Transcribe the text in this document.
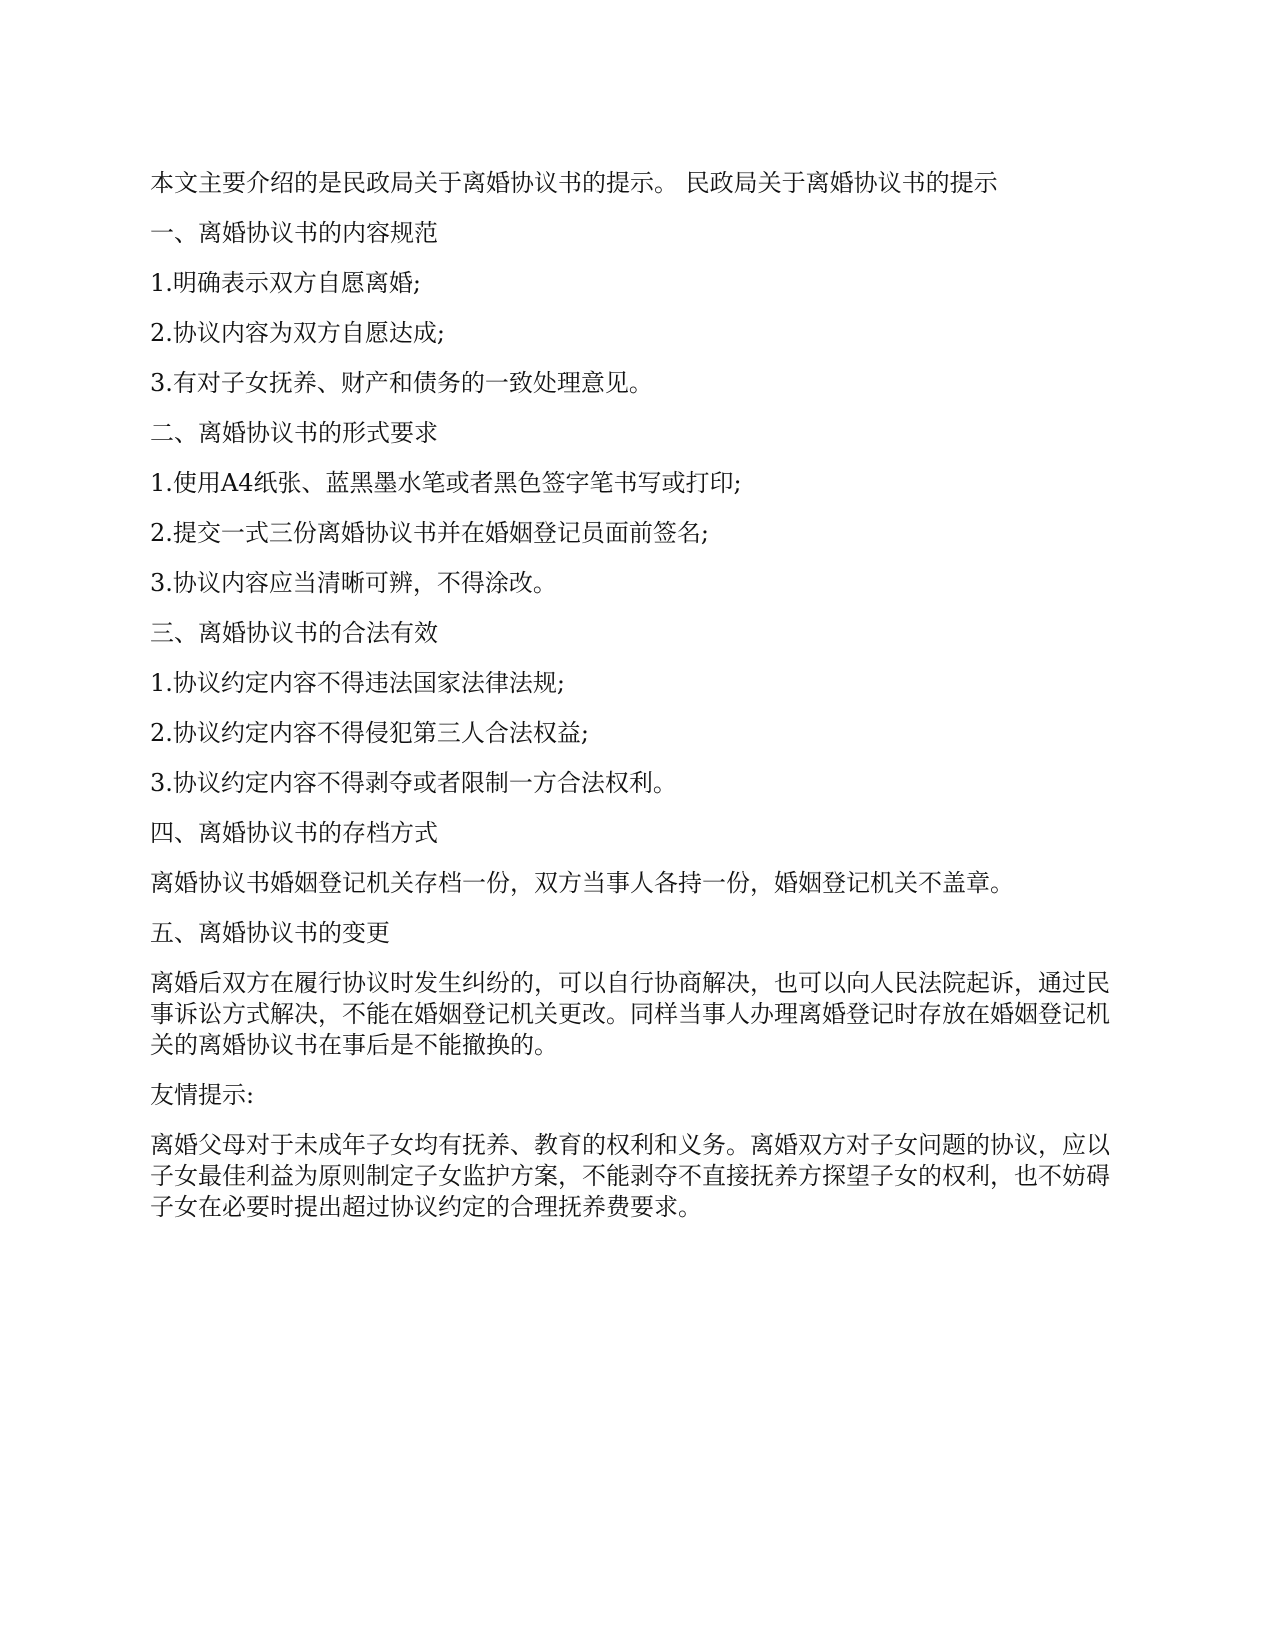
本文主要介绍的是民政局关于离婚协议书的提示。 民政局关于离婚协议书的提示

一、离婚协议书的内容规范

1.明确表示双方自愿离婚;

2.协议内容为双方自愿达成;

3.有对子女抚养、财产和债务的一致处理意见。

二、离婚协议书的形式要求

1.使用A4纸张、蓝黑墨水笔或者黑色签字笔书写或打印;

2.提交一式三份离婚协议书并在婚姻登记员面前签名;

3.协议内容应当清晰可辨，不得涂改。

三、离婚协议书的合法有效

1.协议约定内容不得违法国家法律法规;

2.协议约定内容不得侵犯第三人合法权益;

3.协议约定内容不得剥夺或者限制一方合法权利。

四、离婚协议书的存档方式

离婚协议书婚姻登记机关存档一份，双方当事人各持一份，婚姻登记机关不盖章。

五、离婚协议书的变更

离婚后双方在履行协议时发生纠纷的，可以自行协商解决，也可以向人民法院起诉，通过民事诉讼方式解决，不能在婚姻登记机关更改。同样当事人办理离婚登记时存放在婚姻登记机关的离婚协议书在事后是不能撤换的。

友情提示:

离婚父母对于未成年子女均有抚养、教育的权利和义务。离婚双方对子女问题的协议，应以子女最佳利益为原则制定子女监护方案，不能剥夺不直接抚养方探望子女的权利，也不妨碍子女在必要时提出超过协议约定的合理抚养费要求。
